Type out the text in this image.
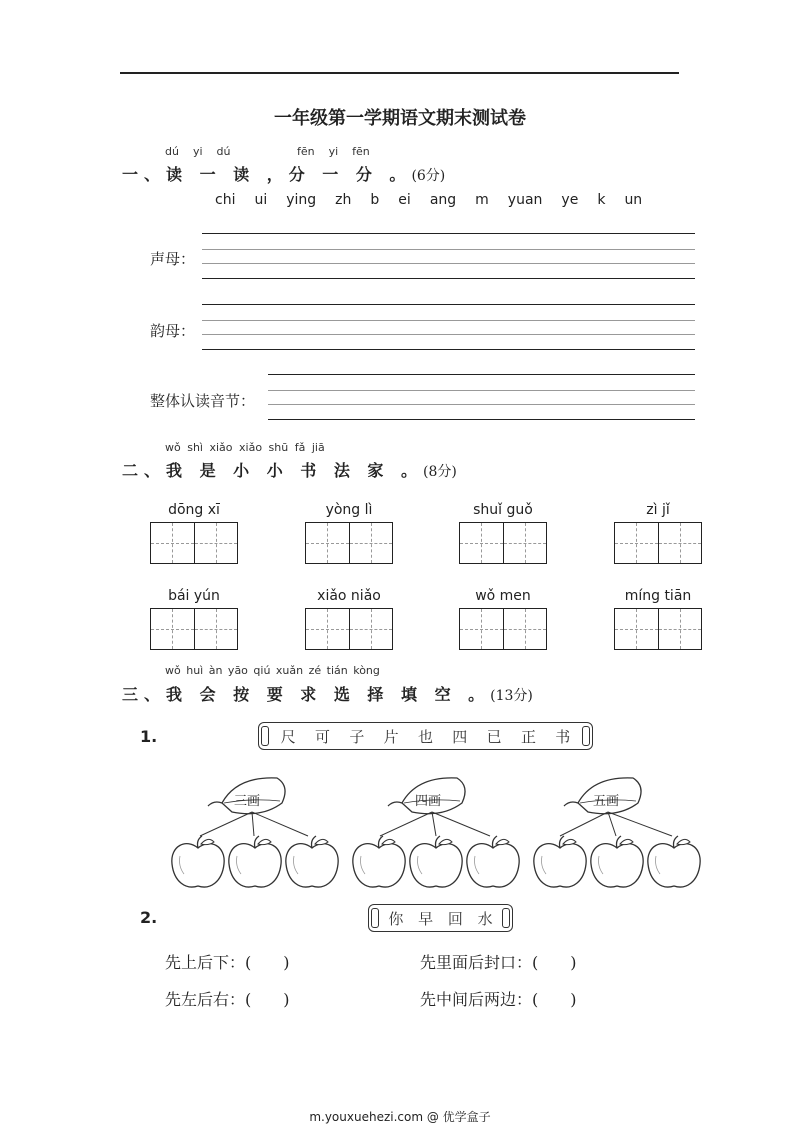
一年级第一学期语文期末测试卷
dú yi dú	fēn yi fēn
一、读 一 读 ，分 一 分 。(6分)
chi ui ying zh b ei ang m yuan ye k un
声母：
韵母：
整体认读音节：
wǒ shì xiǎo xiǎo shū fǎ jiā
二、我 是 小 小 书 法 家 。(8分)
dōng xī	yòng lì	shuǐ guǒ	zì jǐ
bái yún	xiǎo niǎo	wǒ men	míng tiān
wǒ huì àn yāo qiú xuǎn zé tián kòng
三、我 会 按 要 求 选 择 填 空 。(13分)
1.	尺 可 子 片 也 四 已 正 书
三画	四画	五画
2.	你 早 回 水
先上后下：(　　)	先里面后封口：(　　)
先左后右：(　　)	先中间后两边：(　　)
m.youxuehezi.com @ 优学盒子
